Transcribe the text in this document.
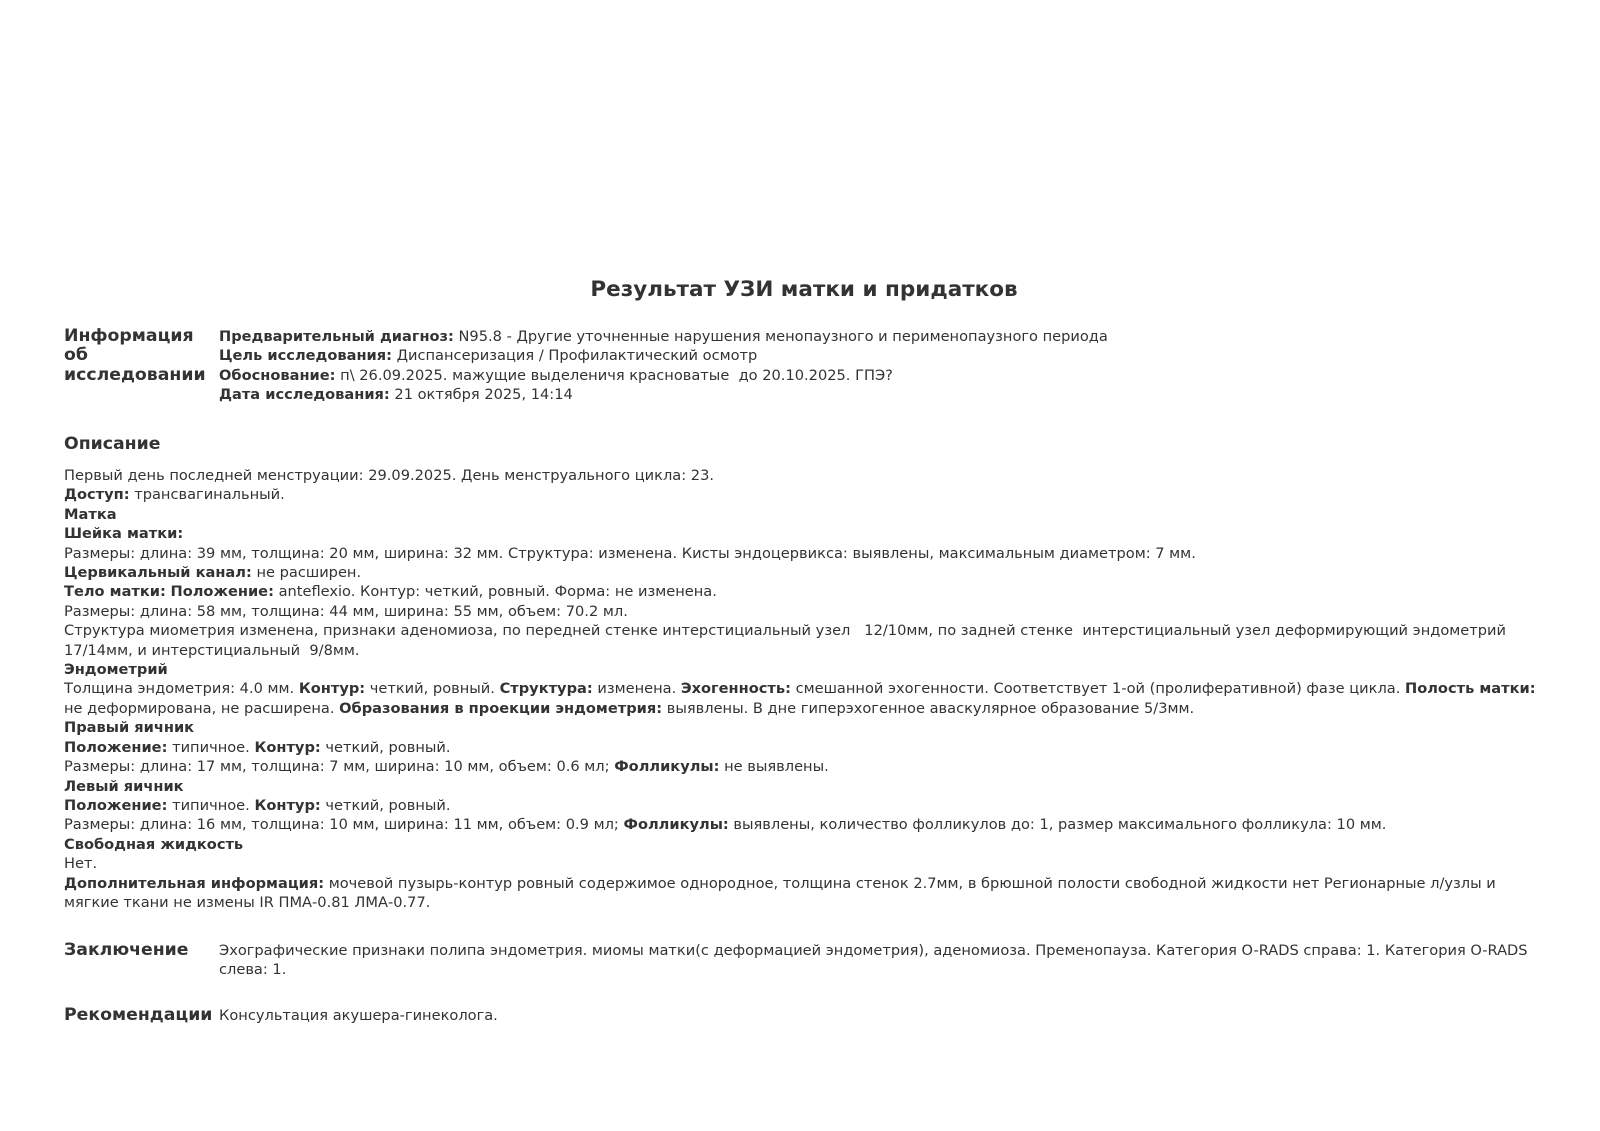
Результат УЗИ матки и придатков
Информация
об
исследовании
Предварительный диагноз: N95.8 - Другие уточненные нарушения менопаузного и перименопаузного периода
Цель исследования: Диспансеризация / Профилактический осмотр
Обоснование: п\ 26.09.2025. мажущие выделеничя красноватые  до 20.10.2025. ГПЭ?
Дата исследования: 21 октября 2025, 14:14
Описание
Первый день последней менструации: 29.09.2025. День менструального цикла: 23.
Доступ: трансвагинальный.
Матка
Шейка матки:
Размеры: длина: 39 мм, толщина: 20 мм, ширина: 32 мм. Структура: изменена. Кисты эндоцервикса: выявлены, максимальным диаметром: 7 мм.
Цервикальный канал: не расширен.
Тело матки: Положение: anteflexio. Контур: четкий, ровный. Форма: не изменена.
Размеры: длина: 58 мм, толщина: 44 мм, ширина: 55 мм, объем: 70.2 мл.
Структура миометрия изменена, признаки аденомиоза, по передней стенке интерстициальный узел   12/10мм, по задней стенке  интерстициальный узел деформирующий эндометрий  17/14мм, и интерстициальный  9/8мм.
Эндометрий
Толщина эндометрия: 4.0 мм. Контур: четкий, ровный. Структура: изменена. Эхогенность: смешанной эхогенности. Соответствует 1-ой (пролиферативной) фазе цикла. Полость матки: не деформирована, не расширена. Образования в проекции эндометрия: выявлены. В дне гиперэхогенное аваскулярное образование 5/3мм.
Правый яичник
Положение: типичное. Контур: четкий, ровный.
Размеры: длина: 17 мм, толщина: 7 мм, ширина: 10 мм, объем: 0.6 мл; Фолликулы: не выявлены.
Левый яичник
Положение: типичное. Контур: четкий, ровный.
Размеры: длина: 16 мм, толщина: 10 мм, ширина: 11 мм, объем: 0.9 мл; Фолликулы: выявлены, количество фолликулов до: 1, размер максимального фолликула: 10 мм.
Свободная жидкость
Нет.
Дополнительная информация: мочевой пузырь-контур ровный содержимое однородное, толщина стенок 2.7мм, в брюшной полости свободной жидкости нет Регионарные л/узлы и мягкие ткани не измены IR ПМА-0.81 ЛМА-0.77.
Заключение	Эхографические признаки полипа эндометрия. миомы матки(с деформацией эндометрия), аденомиоза. Пременопауза. Категория O-RADS справа: 1. Категория O-RADS слева: 1.
Рекомендации Консультация акушера-гинеколога.
